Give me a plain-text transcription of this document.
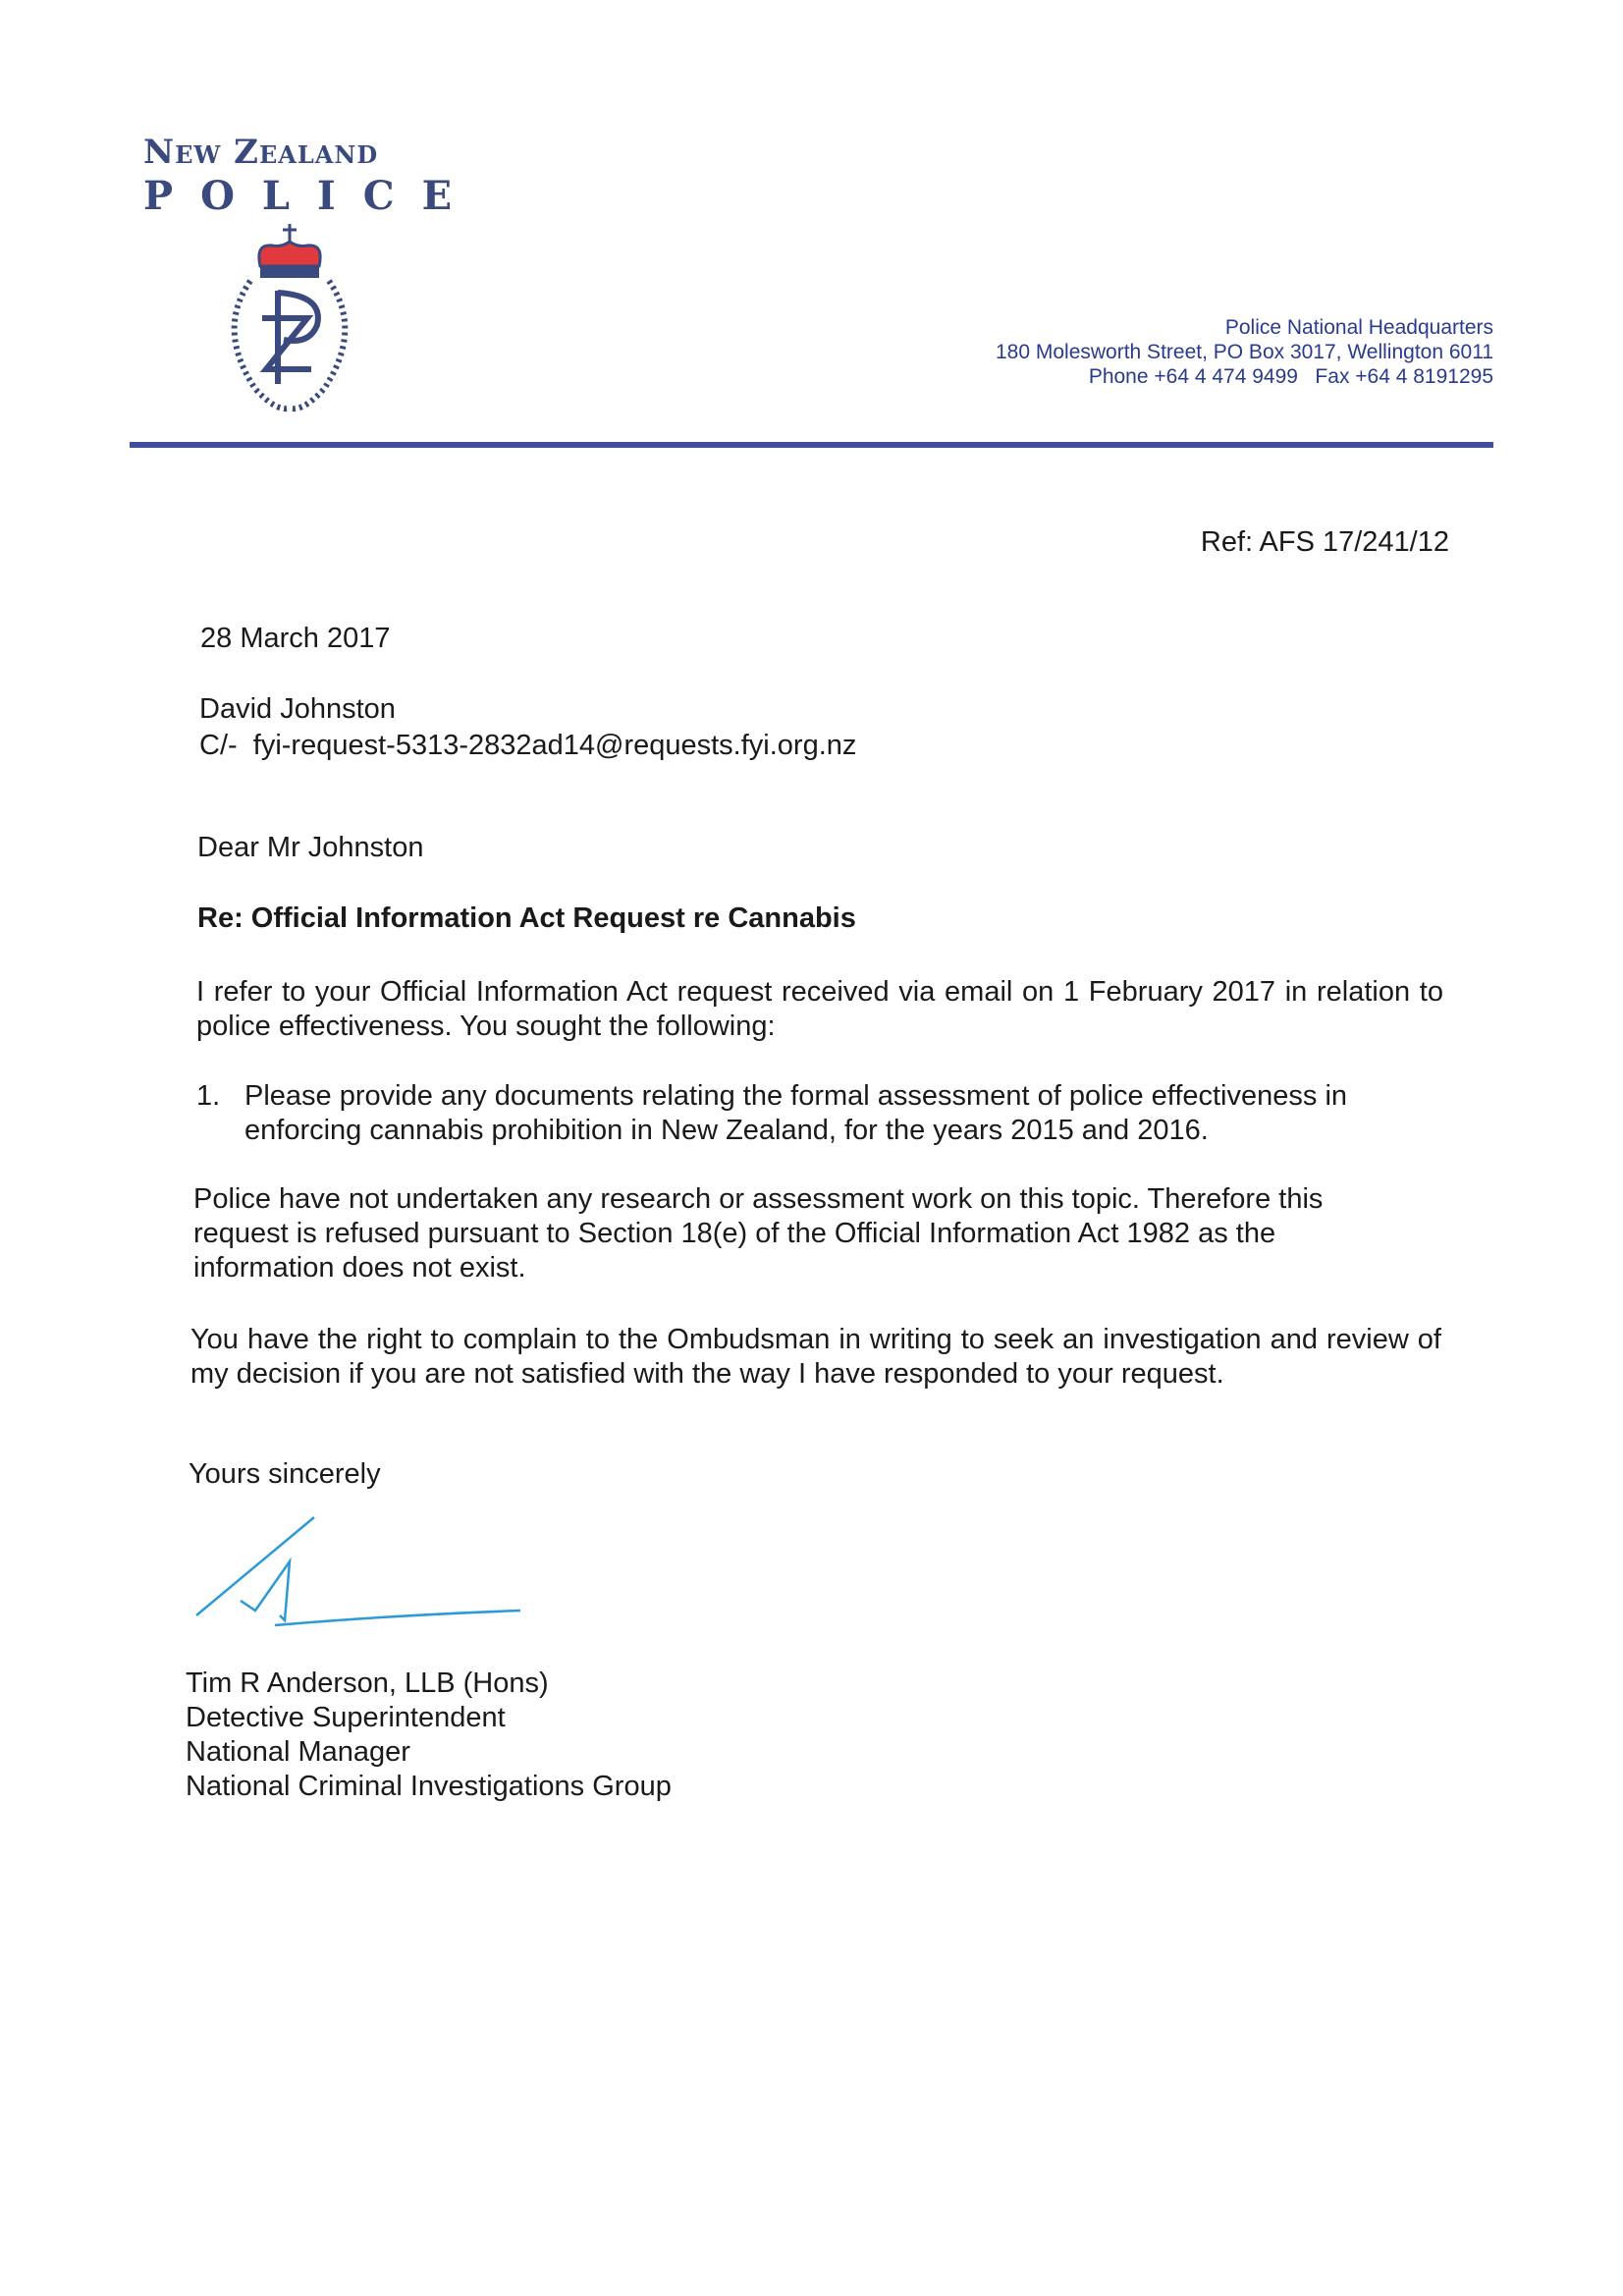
New Zealand
POLICE
Police National Headquarters
180 Molesworth Street, PO Box 3017, Wellington 6011
Phone +64 4 474 9499   Fax +64 4 8191295
Ref: AFS 17/241/12
28 March 2017
David Johnston
C/-  fyi-request-5313-2832ad14@requests.fyi.org.nz
Dear Mr Johnston
Re: Official Information Act Request re Cannabis
I refer to your Official Information Act request received via email on 1 February 2017 in relation to police effectiveness. You sought the following:
1. Please provide any documents relating the formal assessment of police effectiveness in enforcing cannabis prohibition in New Zealand, for the years 2015 and 2016.
Police have not undertaken any research or assessment work on this topic. Therefore this request is refused pursuant to Section 18(e) of the Official Information Act 1982 as the information does not exist.
You have the right to complain to the Ombudsman in writing to seek an investigation and review of my decision if you are not satisfied with the way I have responded to your request.
Yours sincerely
Tim R Anderson, LLB (Hons)
Detective Superintendent
National Manager
National Criminal Investigations Group
